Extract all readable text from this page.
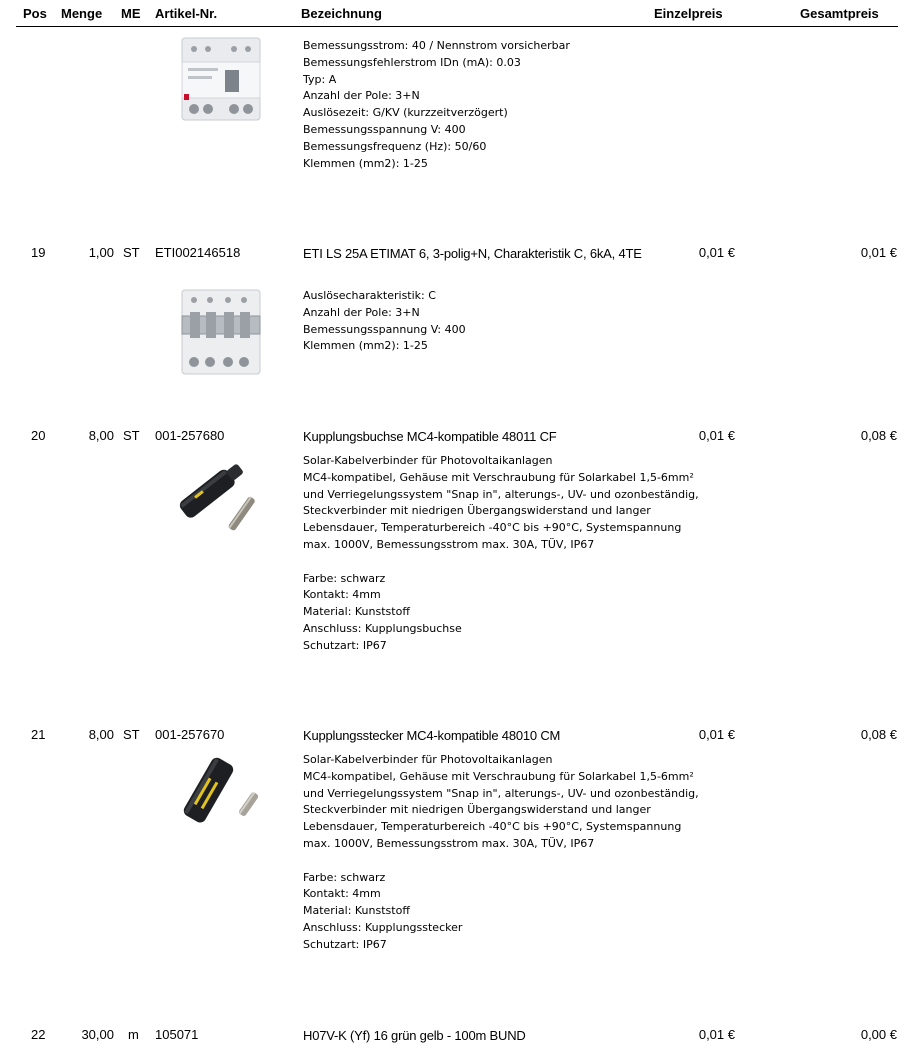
Pos Menge ME Artikel-Nr.	Bezeichnung	Einzelpreis	Gesamtpreis
Bemessungsstrom: 40 / Nennstrom vorsicherbar
Bemessungsfehlerstrom IDn (mA): 0.03
Typ: A
Anzahl der Pole: 3+N
Auslösezeit: G/KV (kurzzeitverzögert)
Bemessungsspannung V: 400
Bemessungsfrequenz (Hz): 50/60
Klemmen (mm2): 1-25
19	1,00 ST ETI002146518	ETI LS 25A ETIMAT 6, 3-polig+N, Charakteristik C, 6kA, 4TE	0,01 €	0,01 €
Auslösecharakteristik: C
Anzahl der Pole: 3+N
Bemessungsspannung V: 400
Klemmen (mm2): 1-25
20	8,00 ST 001-257680	Kupplungsbuchse MC4-kompatible 48011 CF	0,01 €	0,08 €
Solar-Kabelverbinder für Photovoltaikanlagen
MC4-kompatibel, Gehäuse mit Verschraubung für Solarkabel 1,5-6mm²
und Verriegelungssystem "Snap in", alterungs-, UV- und ozonbeständig,
Steckverbinder mit niedrigen Übergangswiderstand und langer
Lebensdauer, Temperaturbereich -40°C bis +90°C, Systemspannung
max. 1000V, Bemessungsstrom max. 30A, TÜV, IP67

Farbe: schwarz
Kontakt: 4mm
Material: Kunststoff
Anschluss: Kupplungsbuchse
Schutzart: IP67
21	8,00 ST 001-257670	Kupplungsstecker MC4-kompatible 48010 CM	0,01 €	0,08 €
Solar-Kabelverbinder für Photovoltaikanlagen
MC4-kompatibel, Gehäuse mit Verschraubung für Solarkabel 1,5-6mm²
und Verriegelungssystem "Snap in", alterungs-, UV- und ozonbeständig,
Steckverbinder mit niedrigen Übergangswiderstand und langer
Lebensdauer, Temperaturbereich -40°C bis +90°C, Systemspannung
max. 1000V, Bemessungsstrom max. 30A, TÜV, IP67

Farbe: schwarz
Kontakt: 4mm
Material: Kunststoff
Anschluss: Kupplungsstecker
Schutzart: IP67
22	30,00 m 105071	H07V-K (Yf) 16 grün gelb - 100m BUND	0,01 €	0,00 €
